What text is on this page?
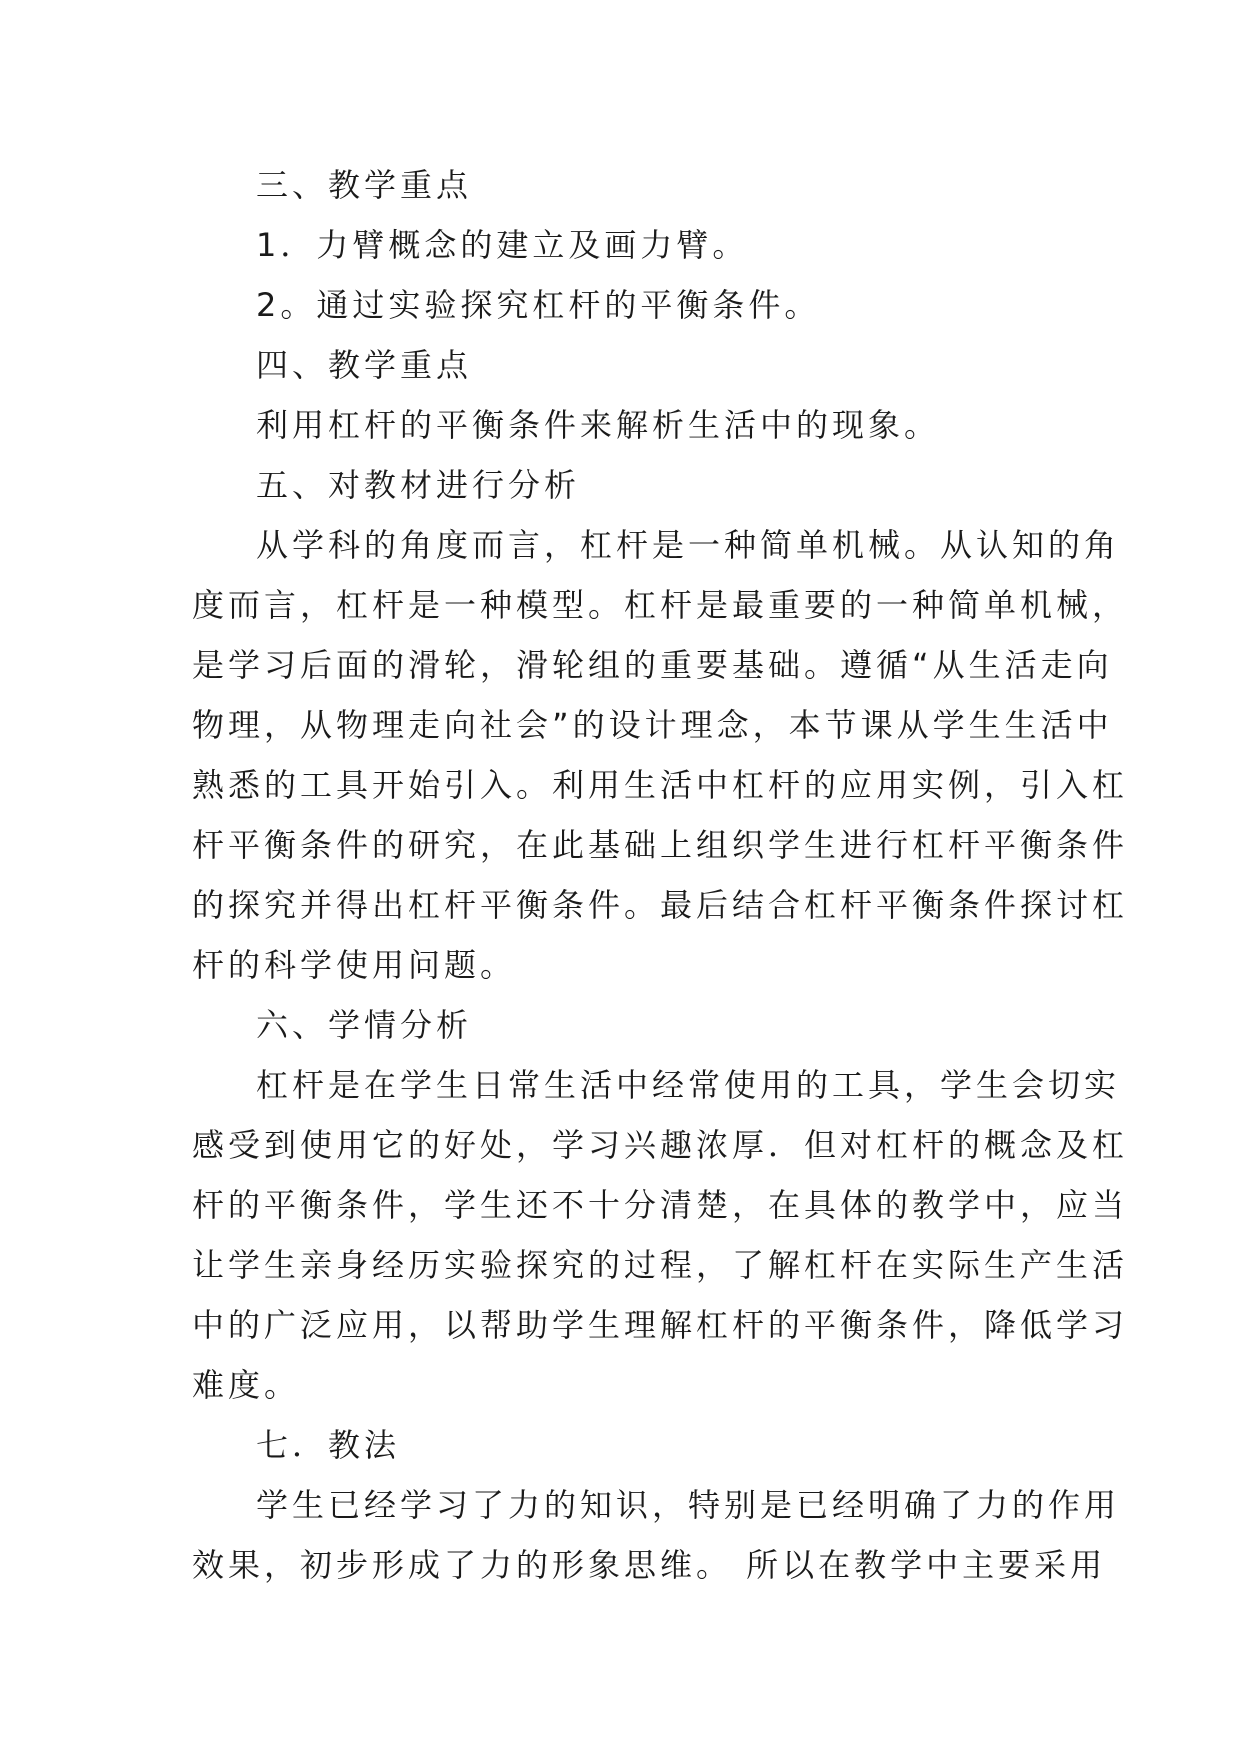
三、教学重点
1．力臂概念的建立及画力臂。
2。通过实验探究杠杆的平衡条件。
四、教学重点
利用杠杆的平衡条件来解析生活中的现象。
五、对教材进行分析
从学科的角度而言，杠杆是一种简单机械。从认知的角
度而言，杠杆是一种模型。杠杆是最重要的一种简单机械，
是学习后面的滑轮，滑轮组的重要基础。遵循“从生活走向
物理，从物理走向社会”的设计理念，本节课从学生生活中
熟悉的工具开始引入。利用生活中杠杆的应用实例，引入杠
杆平衡条件的研究，在此基础上组织学生进行杠杆平衡条件
的探究并得出杠杆平衡条件。最后结合杠杆平衡条件探讨杠
杆的科学使用问题。
六、学情分析
杠杆是在学生日常生活中经常使用的工具，学生会切实
感受到使用它的好处，学习兴趣浓厚．但对杠杆的概念及杠
杆的平衡条件，学生还不十分清楚，在具体的教学中，应当
让学生亲身经历实验探究的过程，了解杠杆在实际生产生活
中的广泛应用，以帮助学生理解杠杆的平衡条件，降低学习
难度。
七．教法
学生已经学习了力的知识，特别是已经明确了力的作用
效果，初步形成了力的形象思维。 所以在教学中主要采用
